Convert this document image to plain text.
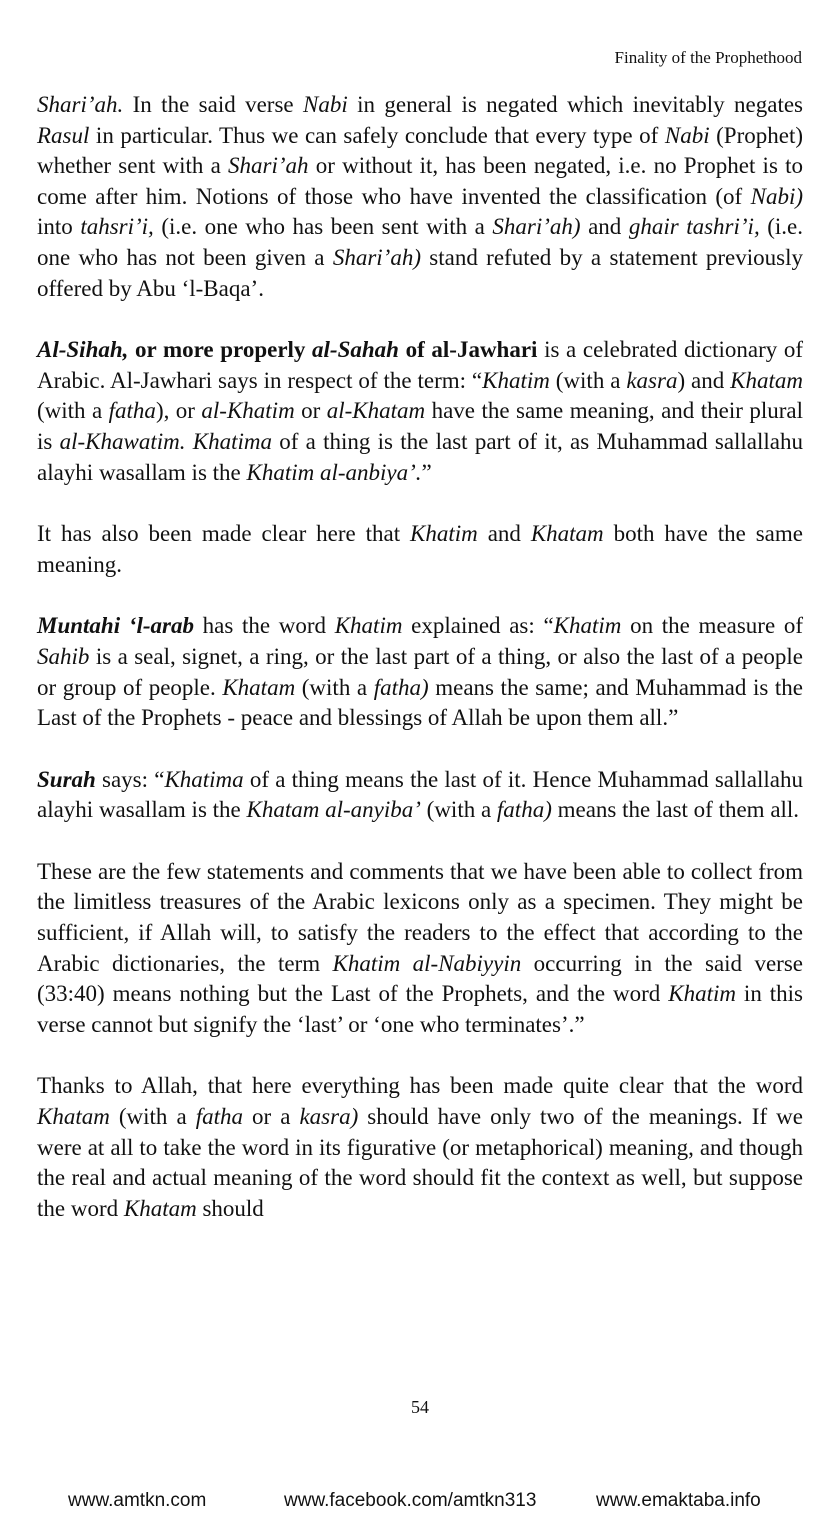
Finality of the Prophethood

Shari’ah. In the said verse Nabi in general is negated which inevitably negates Rasul in particular. Thus we can safely conclude that every type of Nabi (Prophet) whether sent with a Shari’ah or without it, has been negated, i.e. no Prophet is to come after him. Notions of those who have invented the classification (of Nabi) into tahsri’i, (i.e. one who has been sent with a Shari’ah) and ghair tashri’i, (i.e. one who has not been given a Shari’ah) stand refuted by a statement previously offered by Abu ‘l-Baqa’.

Al-Sihah, or more properly al-Sahah of al-Jawhari is a celebrated dictionary of Arabic. Al-Jawhari says in respect of the term: “Khatim (with a kasra) and Khatam (with a fatha), or al-Khatim or al-Khatam have the same meaning, and their plural is al-Khawatim. Khatima of a thing is the last part of it, as Muhammad sallallahu alayhi wasallam is the Khatim al-anbiya’.”

It has also been made clear here that Khatim and Khatam both have the same meaning.

Muntahi ‘l-arab has the word Khatim explained as: “Khatim on the measure of Sahib is a seal, signet, a ring, or the last part of a thing, or also the last of a people or group of people. Khatam (with a fatha) means the same; and Muhammad is the Last of the Prophets - peace and blessings of Allah be upon them all.”

Surah says: “Khatima of a thing means the last of it. Hence Muhammad sallallahu alayhi wasallam is the Khatam al-anyiba’ (with a fatha) means the last of them all.

These are the few statements and comments that we have been able to collect from the limitless treasures of the Arabic lexicons only as a specimen. They might be sufficient, if Allah will, to satisfy the readers to the effect that according to the Arabic dictionaries, the term Khatim al-Nabiyyin occurring in the said verse (33:40) means nothing but the Last of the Prophets, and the word Khatim in this verse cannot but signify the ‘last’ or ‘one who terminates’.”

Thanks to Allah, that here everything has been made quite clear that the word Khatam (with a fatha or a kasra) should have only two of the meanings. If we were at all to take the word in its figurative (or metaphorical) meaning, and though the real and actual meaning of the word should fit the context as well, but suppose the word Khatam should

54
www.amtkn.com	www.facebook.com/amtkn313	www.emaktaba.info
